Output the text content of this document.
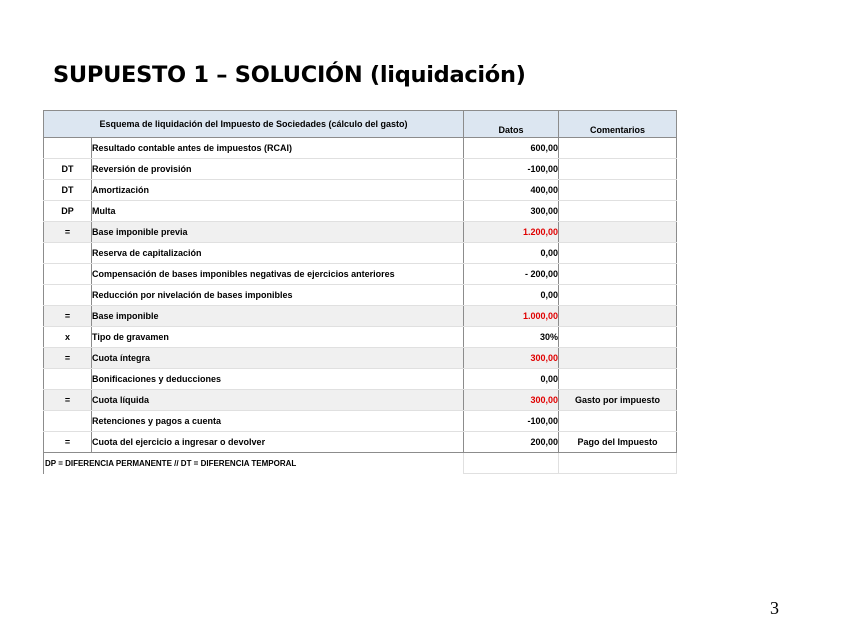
SUPUESTO 1 – SOLUCIÓN (liquidación)
Esquema de liquidación del Impuesto de Sociedades (cálculo del gasto)		Datos	Comentarios
	Resultado contable antes de impuestos (RCAI)	600,00	
DT	Reversión de provisión	-100,00	
DT	Amortización	400,00	
DP	Multa	300,00	
=	Base imponible previa	1.200,00	
	Reserva de capitalización	0,00	
	Compensación de bases imponibles negativas de ejercicios anteriores	- 200,00	
	Reducción por nivelación de bases imponibles	0,00	
=	Base imponible	1.000,00	
x	Tipo de gravamen	30%	
=	Cuota íntegra	300,00	
	Bonificaciones y deducciones	0,00	
=	Cuota líquida	300,00	Gasto por impuesto
	Retenciones y pagos a cuenta	-100,00	
=	Cuota del ejercicio a ingresar o devolver	200,00	Pago del Impuesto
DP = DIFERENCIA PERMANENTE // DT = DIFERENCIA TEMPORAL			
3
